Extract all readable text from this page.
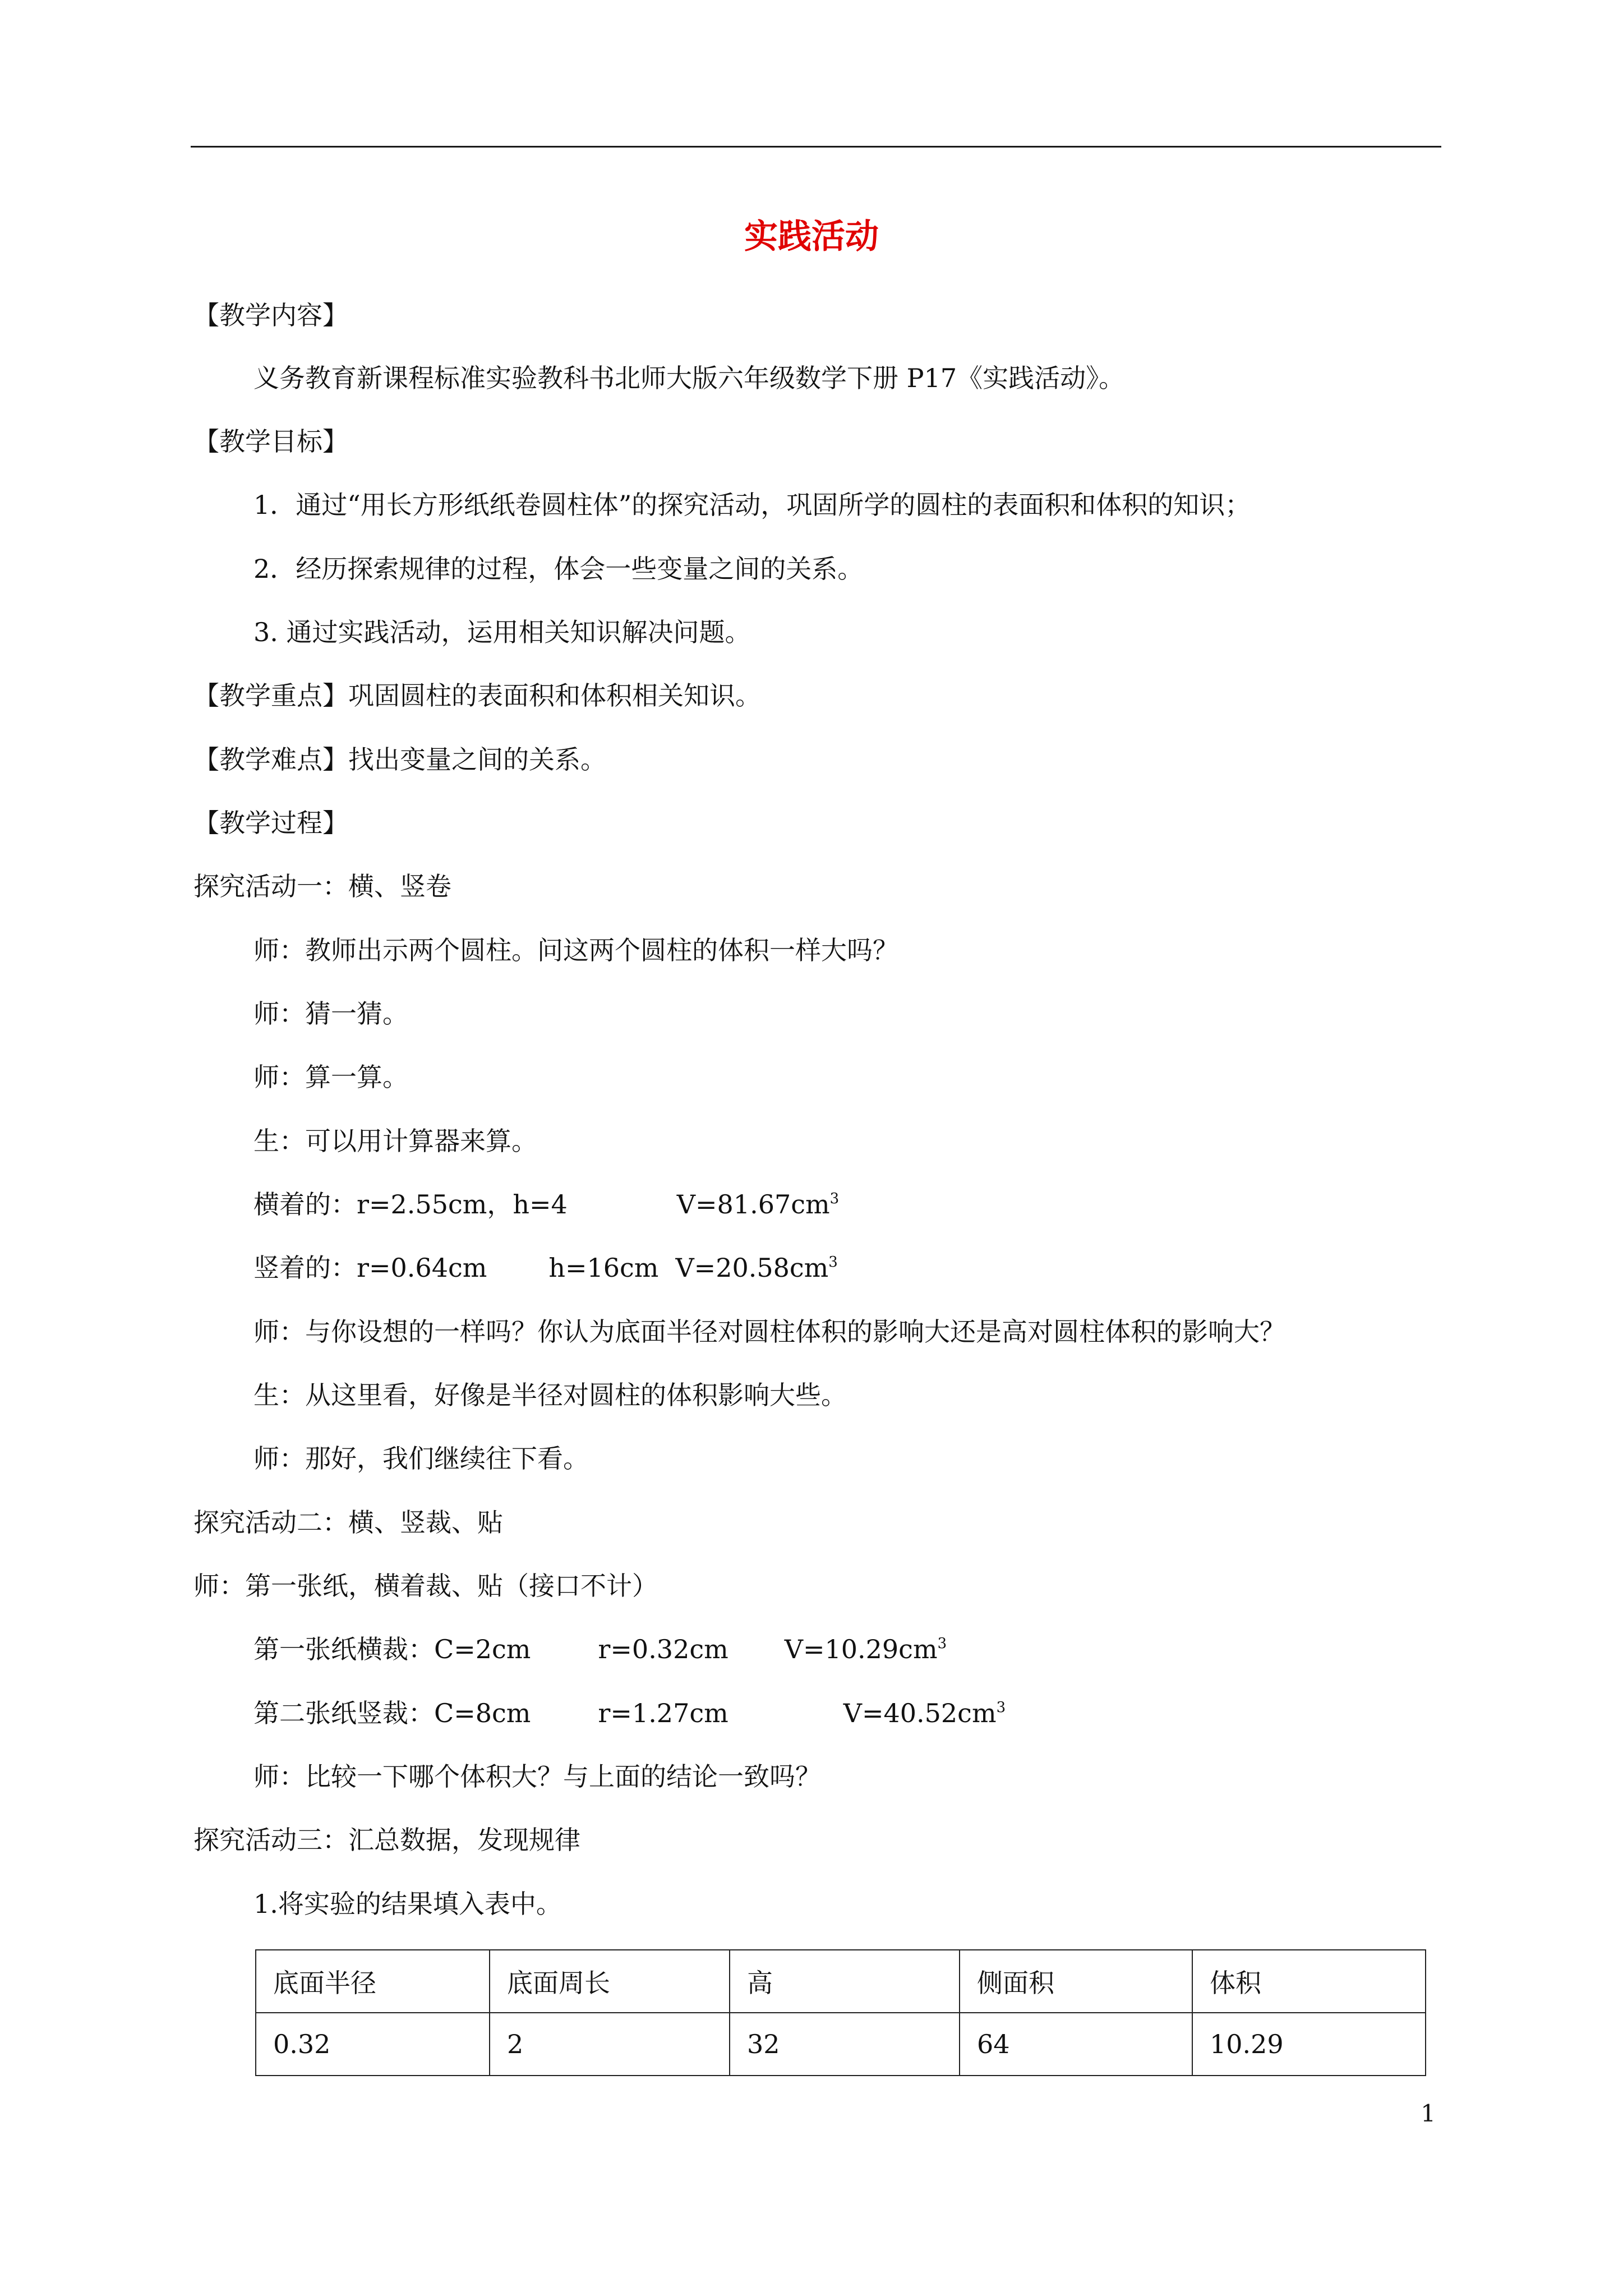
实践活动
【教学内容】
义务教育新课程标准实验教科书北师大版六年级数学下册 P17《实践活动》。
【教学目标】
1．通过“用长方形纸纸卷圆柱体”的探究活动，巩固所学的圆柱的表面积和体积的知识；
2．经历探索规律的过程，体会一些变量之间的关系。
3. 通过实践活动，运用相关知识解决问题。
【教学重点】巩固圆柱的表面积和体积相关知识。
【教学难点】找出变量之间的关系。
【教学过程】
探究活动一：横、竖卷
师：教师出示两个圆柱。问这两个圆柱的体积一样大吗？
师：猜一猜。
师：算一算。
生：可以用计算器来算。
横着的：r=2.55cm，h=4	$V=81.67cm^3$
竖着的：r=0.64cm h=16cm $V=20.58cm^3$
师：与你设想的一样吗？你认为底面半径对圆柱体积的影响大还是高对圆柱体积的影响大？
生：从这里看，好像是半径对圆柱的体积影响大些。
师：那好，我们继续往下看。
探究活动二：横、竖裁、贴
师：第一张纸，横着裁、贴（接口不计）
第一张纸横裁：C=2cm	r=0.32cm $V=10.29cm^3$
第二张纸竖裁：C=8cm	r=1.27cm	$V=40.52cm^3$
师：比较一下哪个体积大？与上面的结论一致吗？
探究活动三：汇总数据，发现规律
1.将实验的结果填入表中。
底面半径	底面周长	高	侧面积	体积
0.32	2	32	64	10.29
1
